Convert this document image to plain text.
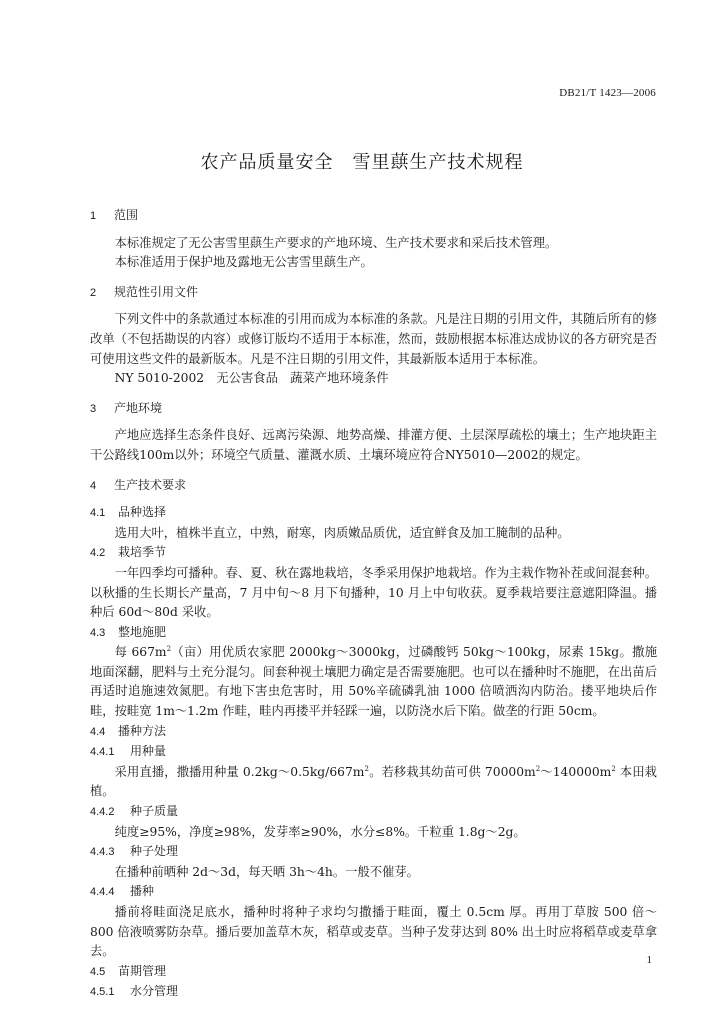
DB21/T 1423—2006
农产品质量安全　雪里蕻生产技术规程
1 范围

本标准规定了无公害雪里蕻生产要求的产地环境、生产技术要求和采后技术管理。

本标准适用于保护地及露地无公害雪里蕻生产。

2 规范性引用文件

下列文件中的条款通过本标准的引用而成为本标准的条款。凡是注日期的引用文件，其随后所有的修改单（不包括勘误的内容）或修订版均不适用于本标准，然而，鼓励根据本标准达成协议的各方研究是否可使用这些文件的最新版本。凡是不注日期的引用文件，其最新版本适用于本标准。

NY 5010-2002　无公害食品　蔬菜产地环境条件

3 产地环境

产地应选择生态条件良好、远离污染源、地势高燥、排灌方便、土层深厚疏松的壤土；生产地块距主干公路线100m以外；环境空气质量、灌溉水质、土壤环境应符合NY5010—2002的规定。

4 生产技术要求
4.1 品种选择

选用大叶，植株半直立，中熟，耐寒，肉质嫩品质优，适宜鲜食及加工腌制的品种。

4.2 栽培季节

一年四季均可播种。春、夏、秋在露地栽培，冬季采用保护地栽培。作为主栽作物补茬或间混套种。以秋播的生长期长产量高，7 月中旬～8 月下旬播种，10 月上中旬收获。夏季栽培要注意遮阳降温。播种后 60d～80d 采收。

4.3 整地施肥

每 $667m^2$（亩）用优质农家肥 2000kg～3000kg，过磷酸钙 50kg～100kg，尿素 15kg。撒施地面深翻，肥料与土充分混匀。间套种视土壤肥力确定是否需要施肥。也可以在播种时不施肥，在出苗后再适时追施速效氮肥。有地下害虫危害时，用 50%辛硫磷乳油 1000 倍喷洒沟内防治。搂平地块后作畦，按畦宽 1m～1.2m 作畦，畦内再搂平并轻踩一遍，以防浇水后下陷。做垄的行距 50cm。

4.4 播种方法
4.4.1 用种量

采用直播，撒播用种量 $0.2kg\sim 0.5kg/667m^2$。若移栽其幼苗可供 $70000m^2\sim 140000m^2$ 本田栽植。

4.4.2 种子质量

纯度≥95%，净度≥98%，发芽率≥90%，水分≤8%。千粒重 1.8g～2g。

4.4.3 种子处理

在播种前晒种 2d～3d，每天晒 3h～4h。一般不催芽。

4.4.4 播种

播前将畦面浇足底水，播种时将种子求均匀撒播于畦面，覆土 0.5cm 厚。再用丁草胺 500 倍～800 倍液喷雾防杂草。播后要加盖草木灰，稻草或麦草。当种子发芽达到 80% 出土时应将稻草或麦草拿去。

4.5 苗期管理
4.5.1 水分管理
1
